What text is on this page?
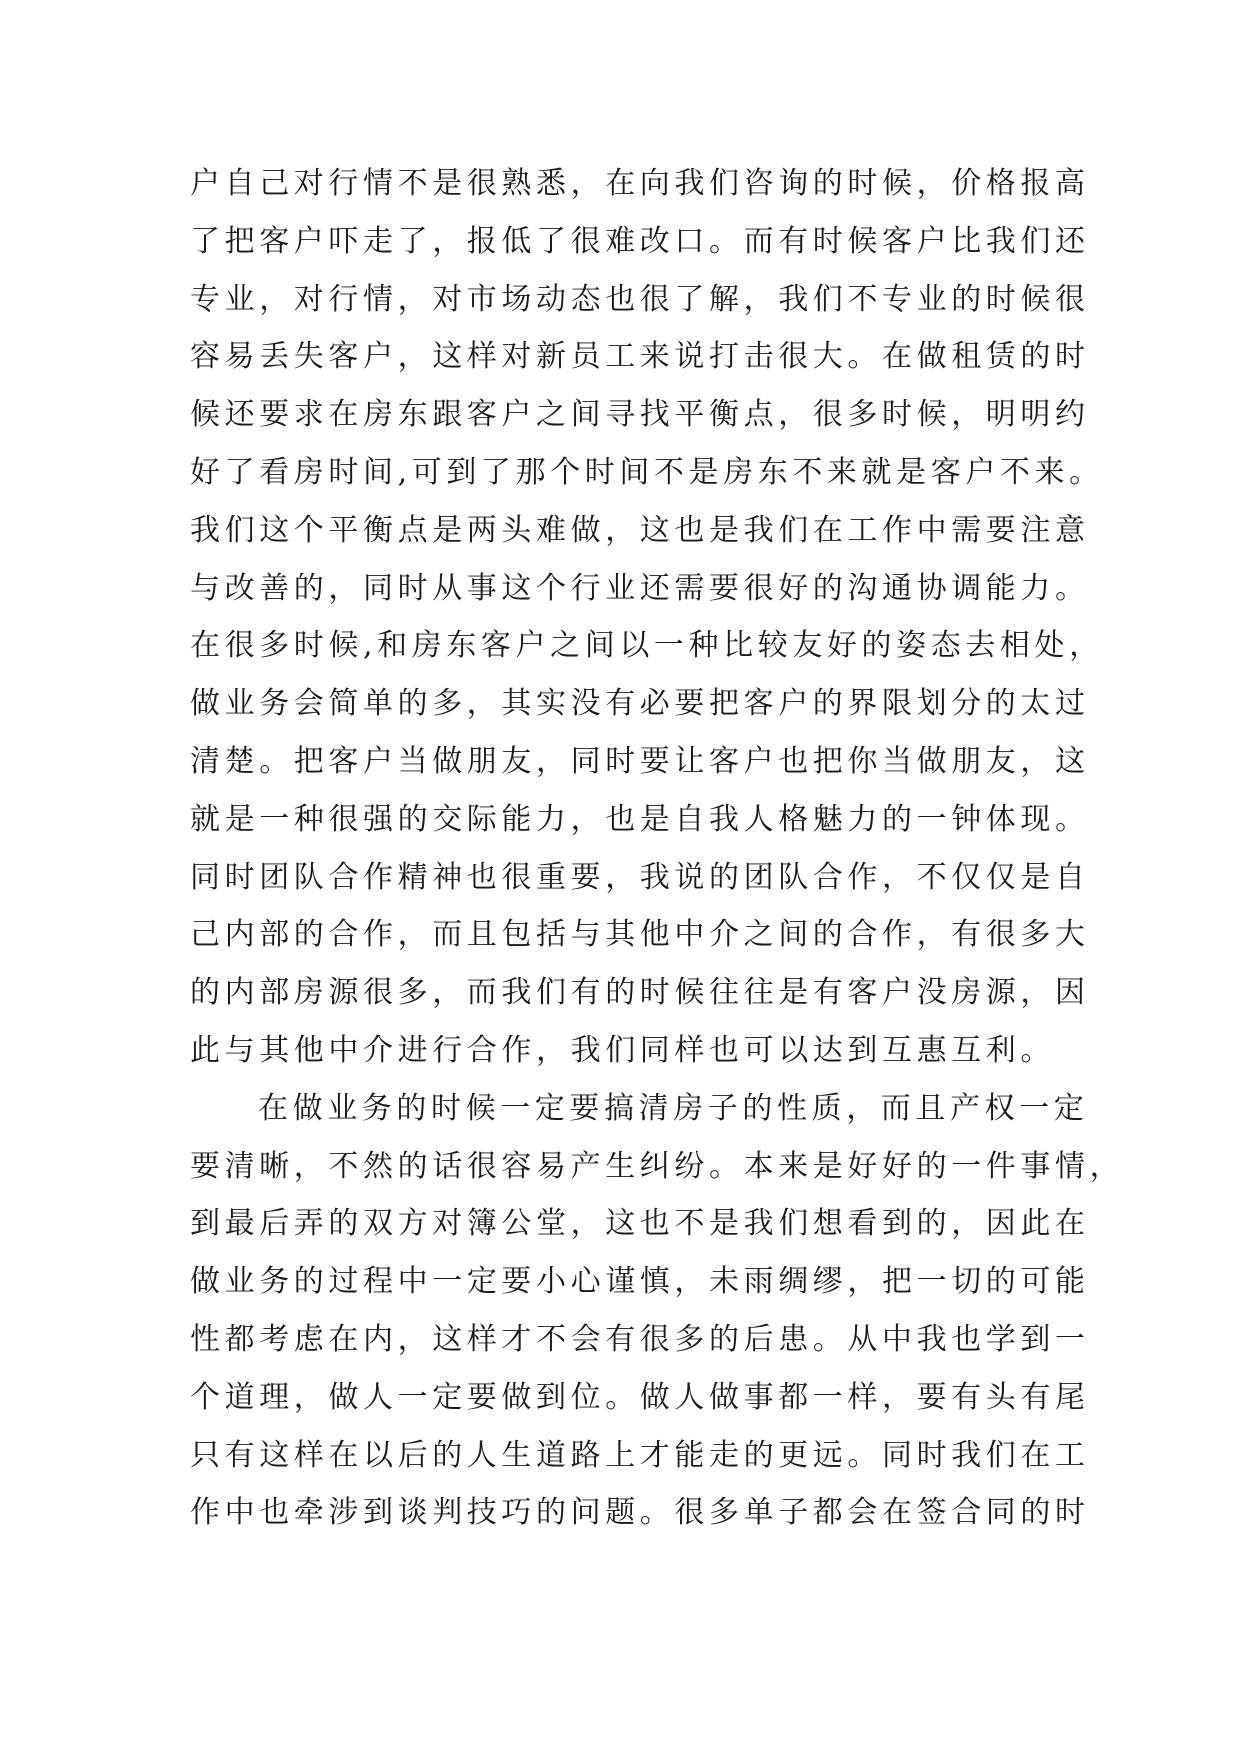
户自己对行情不是很熟悉，在向我们咨询的时候，价格报高
了把客户吓走了，报低了很难改口。而有时候客户比我们还
专业，对行情，对市场动态也很了解，我们不专业的时候很
容易丢失客户，这样对新员工来说打击很大。在做租赁的时
候还要求在房东跟客户之间寻找平衡点，很多时候，明明约
好了看房时间,可到了那个时间不是房东不来就是客户不来。
我们这个平衡点是两头难做，这也是我们在工作中需要注意
与改善的，同时从事这个行业还需要很好的沟通协调能力。
在很多时候,和房东客户之间以一种比较友好的姿态去相处，
做业务会简单的多，其实没有必要把客户的界限划分的太过
清楚。把客户当做朋友，同时要让客户也把你当做朋友，这
就是一种很强的交际能力，也是自我人格魅力的一钟体现。
同时团队合作精神也很重要，我说的团队合作，不仅仅是自
己内部的合作，而且包括与其他中介之间的合作，有很多大
的内部房源很多，而我们有的时候往往是有客户没房源，因
此与其他中介进行合作，我们同样也可以达到互惠互利。
在做业务的时候一定要搞清房子的性质，而且产权一定
要清晰，不然的话很容易产生纠纷。本来是好好的一件事情，
到最后弄的双方对簿公堂，这也不是我们想看到的，因此在
做业务的过程中一定要小心谨慎，未雨绸缪，把一切的可能
性都考虑在内，这样才不会有很多的后患。从中我也学到一
个道理，做人一定要做到位。做人做事都一样，要有头有尾
只有这样在以后的人生道路上才能走的更远。同时我们在工
作中也牵涉到谈判技巧的问题。很多单子都会在签合同的时
